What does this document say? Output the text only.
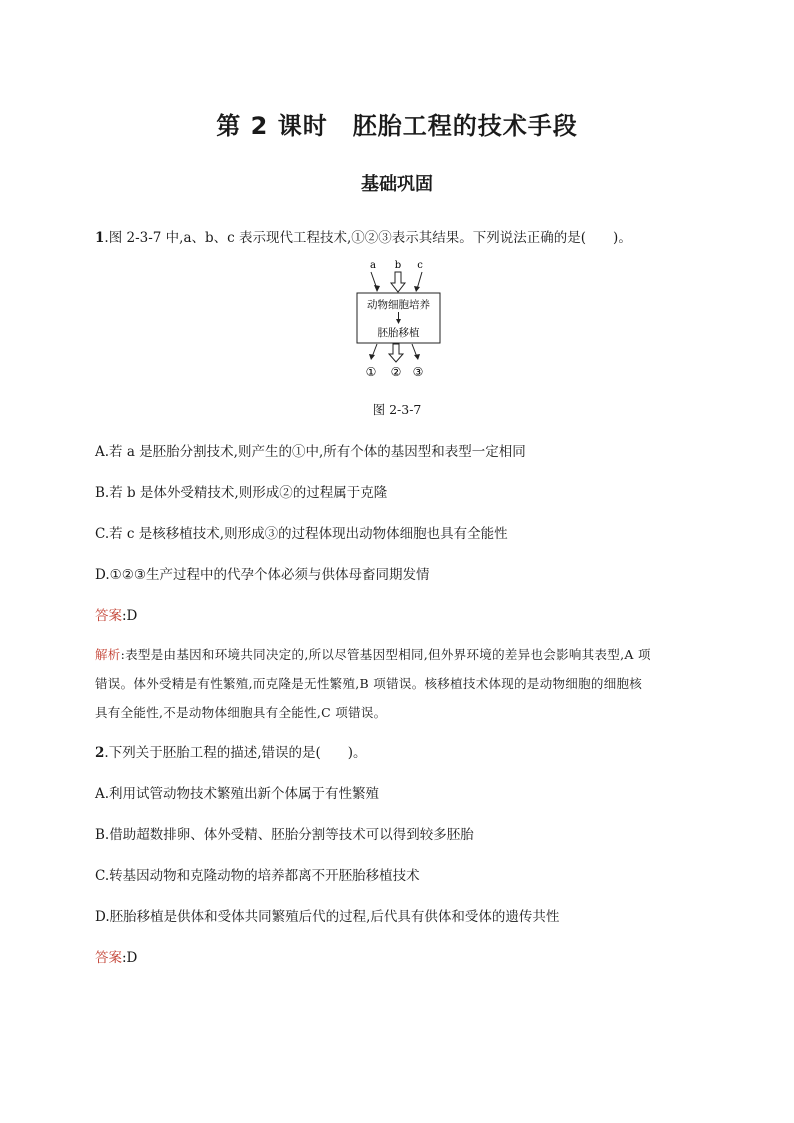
第 2 课时　胚胎工程的技术手段
基础巩固
1.图 2-3-7 中,a、b、c 表示现代工程技术,①②③表示其结果。下列说法正确的是(　　)。
a b c
动物细胞培养
胚胎移植
① ② ③
图 2-3-7
A.若 a 是胚胎分割技术,则产生的①中,所有个体的基因型和表型一定相同
B.若 b 是体外受精技术,则形成②的过程属于克隆
C.若 c 是核移植技术,则形成③的过程体现出动物体细胞也具有全能性
D.①②③生产过程中的代孕个体必须与供体母畜同期发情
答案:D
解析:表型是由基因和环境共同决定的,所以尽管基因型相同,但外界环境的差异也会影响其表型,A 项
错误。体外受精是有性繁殖,而克隆是无性繁殖,B 项错误。核移植技术体现的是动物细胞的细胞核
具有全能性,不是动物体细胞具有全能性,C 项错误。
2.下列关于胚胎工程的描述,错误的是(　　)。
A.利用试管动物技术繁殖出新个体属于有性繁殖
B.借助超数排卵、体外受精、胚胎分割等技术可以得到较多胚胎
C.转基因动物和克隆动物的培养都离不开胚胎移植技术
D.胚胎移植是供体和受体共同繁殖后代的过程,后代具有供体和受体的遗传共性
答案:D
